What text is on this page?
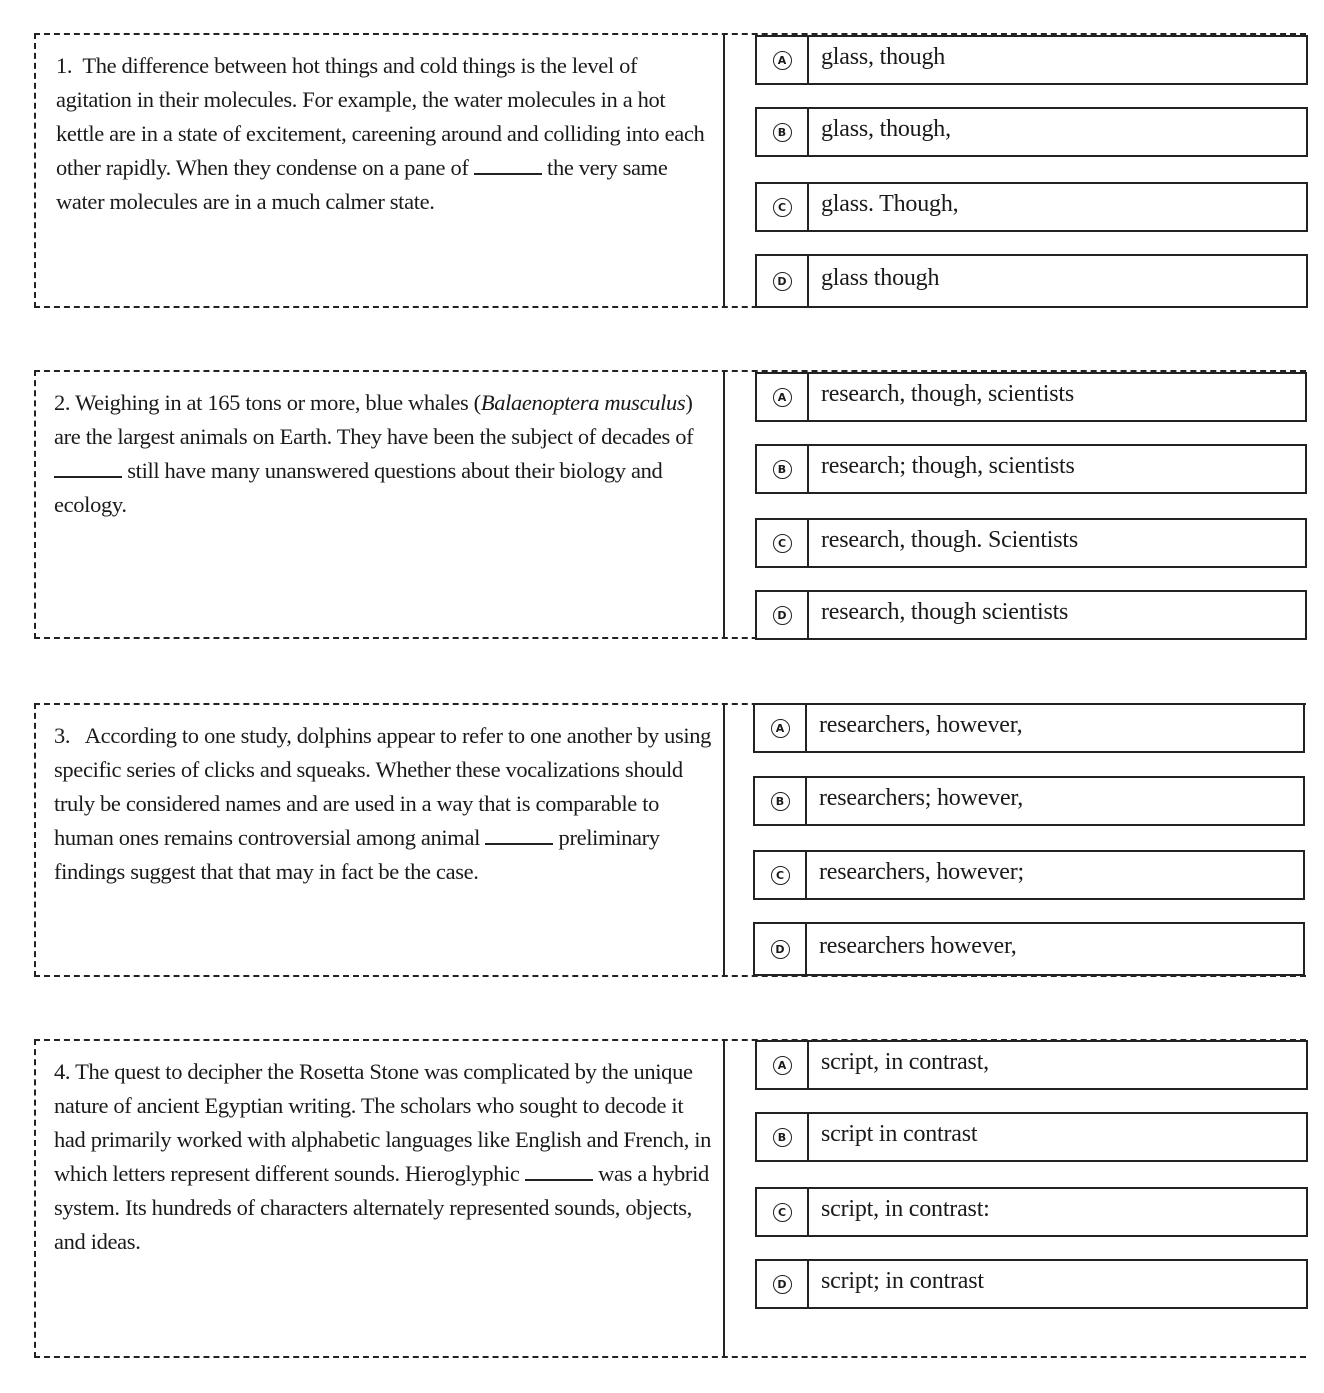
1. The difference between hot things and cold things is the level of agitation in their molecules. For example, the water molecules in a hot kettle are in a state of excitement, careening around and colliding into each other rapidly. When they condense on a pane of	the very same water molecules are in a much calmer state.
A	glass, though
B	glass, though,
C	glass. Though,
D	glass though
2. Weighing in at 165 tons or more, blue whales (Balaenoptera musculus) are the largest animals on Earth. They have been the subject of decades of  still have many unanswered questions about their biology and ecology.
A	research, though, scientists
B	research; though, scientists
C	research, though. Scientists
D	research, though scientists
3. According to one study, dolphins appear to refer to one another by using specific series of clicks and squeaks. Whether these vocalizations should truly be considered names and are used in a way that is comparable to human ones remains controversial among animal	preliminary findings suggest that that may in fact be the case.
A	researchers, however,
B	researchers; however,
C	researchers, however;
D	researchers however,
4. The quest to decipher the Rosetta Stone was complicated by the unique nature of ancient Egyptian writing. The scholars who sought to decode it had primarily worked with alphabetic languages like English and French, in which letters represent different sounds. Hieroglyphic	was a hybrid system. Its hundreds of characters alternately represented sounds, objects, and ideas.
A	script, in contrast,
B	script in contrast
C	script, in contrast:
D	script; in contrast
